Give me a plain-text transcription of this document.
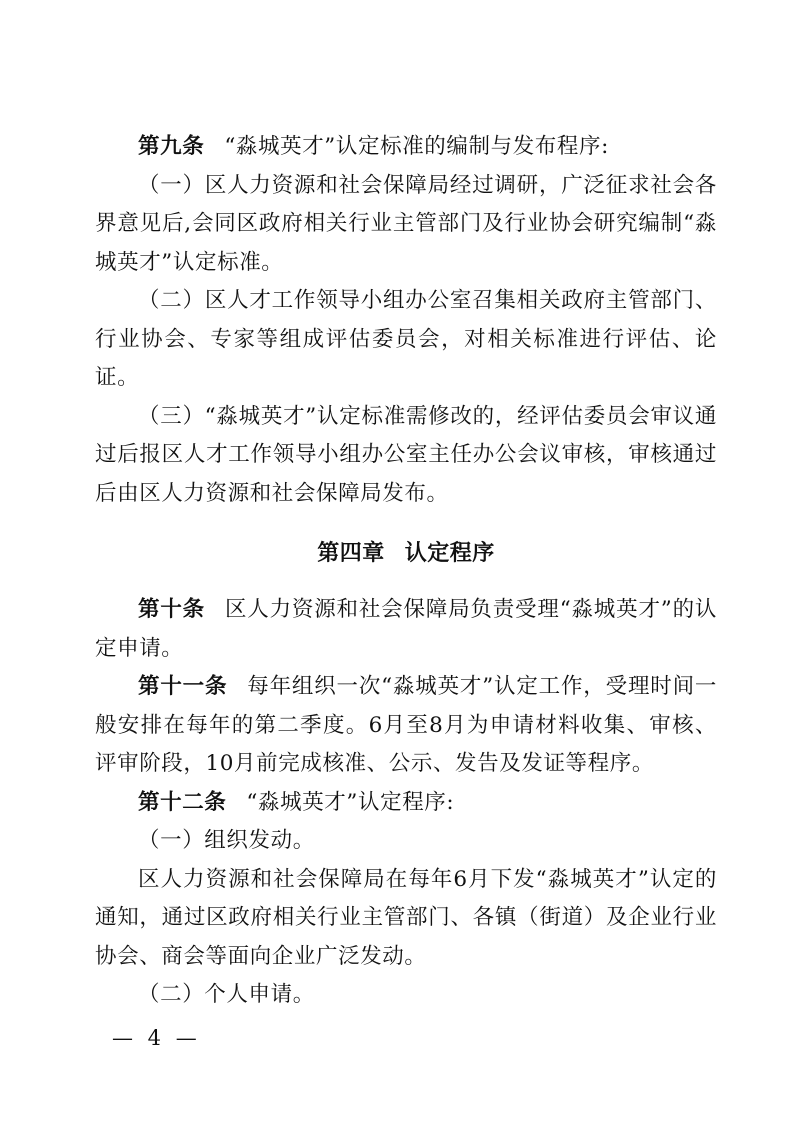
第九条 “淼城英才”认定标准的编制与发布程序:

（一）区人力资源和社会保障局经过调研，广泛征求社会各界意见后,会同区政府相关行业主管部门及行业协会研究编制“淼城英才”认定标准。

（二）区人才工作领导小组办公室召集相关政府主管部门、行业协会、专家等组成评估委员会，对相关标准进行评估、论证。

（三）“淼城英才”认定标准需修改的，经评估委员会审议通过后报区人才工作领导小组办公室主任办公会议审核，审核通过后由区人力资源和社会保障局发布。

第四章 认定程序

第十条 区人力资源和社会保障局负责受理“淼城英才”的认定申请。

第十一条 每年组织一次“淼城英才”认定工作，受理时间一般安排在每年的第二季度。6月至8月为申请材料收集、审核、评审阶段，10月前完成核准、公示、发告及发证等程序。

第十二条 “淼城英才”认定程序:

（一）组织发动。

区人力资源和社会保障局在每年6月下发“淼城英才”认定的通知，通过区政府相关行业主管部门、各镇（街道）及企业行业协会、商会等面向企业广泛发动。

（二）个人申请。

— 4 —
